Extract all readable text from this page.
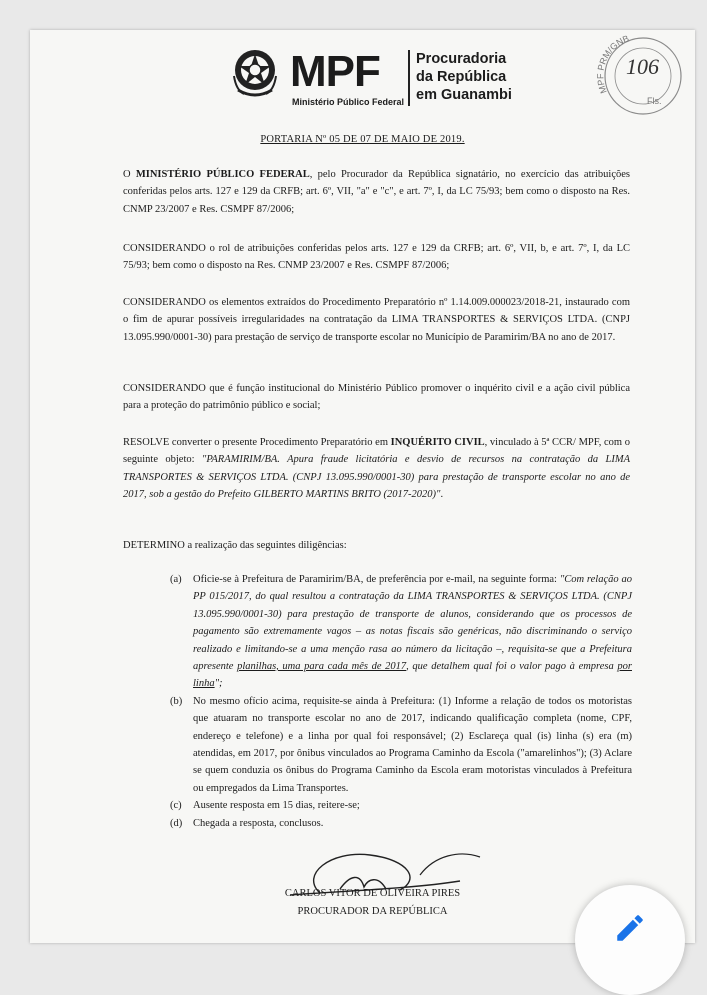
MPF
Ministério Público Federal
Procuradoria
da República
em Guanambi	MPF PRM/GNB
Fls.
106
PORTARIA Nº 05 DE 07 DE MAIO DE 2019.
O MINISTÉRIO PÚBLICO FEDERAL, pelo Procurador da República signatário, no exercício das atribuições conferidas pelos arts. 127 e 129 da CRFB; art. 6º, VII, "a" e "c", e art. 7º, I, da LC 75/93; bem como o disposto na Res. CNMP 23/2007 e Res. CSMPF 87/2006;
CONSIDERANDO o rol de atribuições conferidas pelos arts. 127 e 129 da CRFB; art. 6º, VII, b, e art. 7º, I, da LC 75/93; bem como o disposto na Res. CNMP 23/2007 e Res. CSMPF 87/2006;
CONSIDERANDO os elementos extraídos do Procedimento Preparatório nº 1.14.009.000023/2018-21, instaurado com o fim de apurar possíveis irregularidades na contratação da LIMA TRANSPORTES & SERVIÇOS LTDA. (CNPJ 13.095.990/0001-30) para prestação de serviço de transporte escolar no Município de Paramirim/BA no ano de 2017.
CONSIDERANDO que é função institucional do Ministério Público promover o inquérito civil e a ação civil pública para a proteção do patrimônio público e social;
RESOLVE converter o presente Procedimento Preparatório em INQUÉRITO CIVIL, vinculado à 5ª CCR/ MPF, com o seguinte objeto: "PARAMIRIM/BA. Apura fraude licitatória e desvio de recursos na contratação da LIMA TRANSPORTES & SERVIÇOS LTDA. (CNPJ 13.095.990/0001-30) para prestação de transporte escolar no ano de 2017, sob a gestão do Prefeito GILBERTO MARTINS BRITO (2017-2020)".
DETERMINO a realização das seguintes diligências:
(a) Oficie-se à Prefeitura de Paramirim/BA, de preferência por e-mail, na seguinte forma: "Com relação ao PP 015/2017, do qual resultou a contratação da LIMA TRANSPORTES & SERVIÇOS LTDA. (CNPJ 13.095.990/0001-30) para prestação de transporte de alunos, considerando que os processos de pagamento são extremamente vagos – as notas fiscais são genéricas, não discriminando o serviço realizado e limitando-se a uma menção rasa ao número da licitação –, requisita-se que a Prefeitura apresente planilhas, uma para cada mês de 2017, que detalhem qual foi o valor pago à empresa por linha";
(b) No mesmo ofício acima, requisite-se ainda à Prefeitura: (1) Informe a relação de todos os motoristas que atuaram no transporte escolar no ano de 2017, indicando qualificação completa (nome, CPF, endereço e telefone) e a linha por qual foi responsável; (2) Esclareça qual (is) linha (s) era (m) atendidas, em 2017, por ônibus vinculados ao Programa Caminho da Escola ("amarelinhos"); (3) Aclare se quem conduzia os ônibus do Programa Caminho da Escola eram motoristas vinculados à Prefeitura ou empregados da Lima Transportes.
(c) Ausente resposta em 15 dias, reitere-se;
(d) Chegada a resposta, conclusos.
CARLOS VITOR DE OLIVEIRA PIRES
PROCURADOR DA REPÚBLICA
